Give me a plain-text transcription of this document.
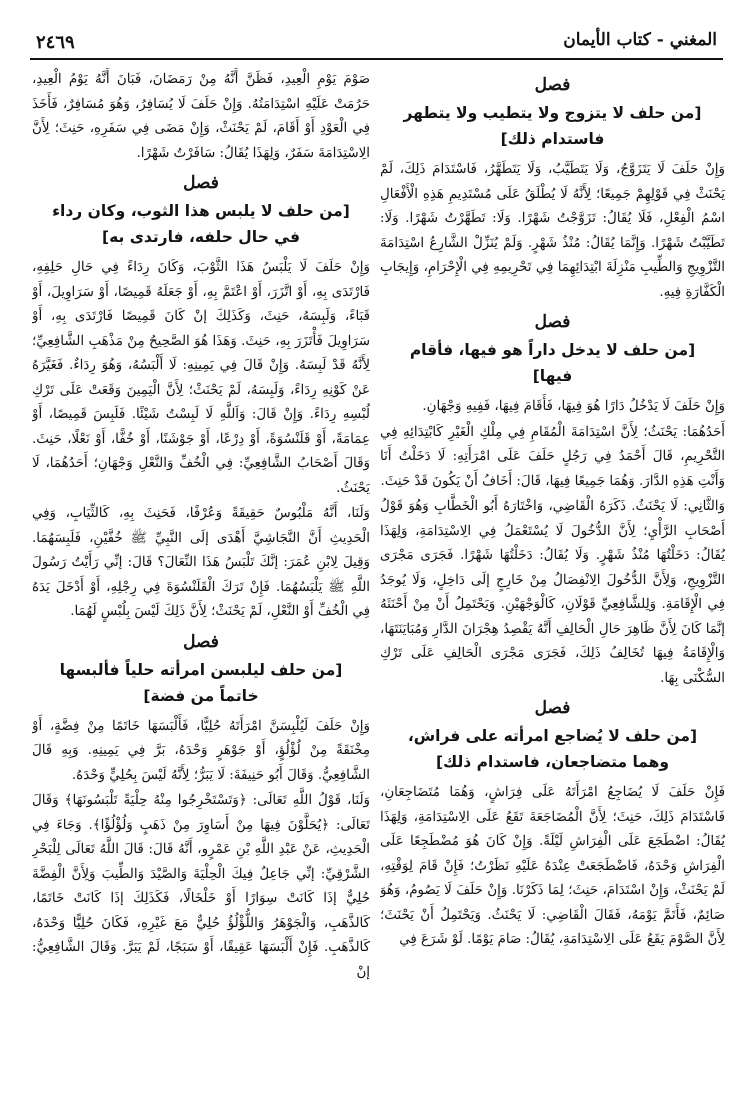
المغني - كتاب الأيمان
٢٤٦٩
فصل
[من حلف لا يتزوج ولا يتطيب ولا يتطهر فاستدام ذلك]

وَإِنْ حَلَفَ لَا يَتَزَوَّجُ، وَلَا يَتَطَيَّبُ، وَلَا يَتَطَهَّرُ، فَاسْتَدَامَ ذَلِكَ، لَمْ يَحْنَثْ فِي قَوْلِهِمْ جَمِيعًا؛ لِأَنَّهُ لَا يُطْلَقُ عَلَى مُسْتَدِيمِ هَذِهِ الْأَفْعَالِ اسْمُ الْفِعْلِ، فَلَا يُقَالُ: تَزَوَّجْتُ شَهْرًا. وَلَا: تَطَهَّرْتُ شَهْرًا. وَلَا: تَطَيَّبْتُ شَهْرًا. وَإِنَّمَا يُقَالُ: مُنْذُ شَهْرٍ. وَلَمْ يُنَزِّلْ الشَّارِعُ اسْتِدَامَةَ التَّزْوِيجِ وَالطِّيبِ مَنْزِلَةَ ابْتِدَائِهِمَا فِي تَحْرِيمِهِ فِي الْإِحْرَامِ، وَإِيجَابِ الْكَفَّارَةِ فِيهِ.

فصل
[من حلف لا يدخل داراً هو فيها، فأقام فيها]

وَإِنْ حَلَفَ لَا يَدْخُلُ دَارًا هُوَ فِيهَا، فَأَقَامَ فِيهَا، فَفِيهِ وَجْهَانِ.

أَحَدُهُمَا: يَحْنَثُ؛ لِأَنَّ اسْتِدَامَةَ الْمُقَامِ فِي مِلْكِ الْغَيْرِ كَابْتِدَائِهِ فِي التَّحْرِيمِ، قَالَ أَحْمَدُ فِي رَجُلٍ حَلَفَ عَلَى امْرَأَتِهِ: لَا دَخَلْتُ أَنَا وَأَنْتِ هَذِهِ الدَّارَ. وَهُمَا جَمِيعًا فِيهَا، قَالَ: أَخَافُ أَنْ يَكُونَ قَدْ حَنِثَ.

وَالثَّانِي: لَا يَحْنَثُ. ذَكَرَهُ الْقَاضِي، وَاخْتَارَهُ أَبُو الْخَطَّابِ وَهُوَ قَوْلُ أَصْحَابِ الرَّأْيِ؛ لِأَنَّ الدُّخُولَ لَا يُسْتَعْمَلُ فِي الِاسْتِدَامَةِ، وَلِهَذَا يُقَالُ: دَخَلْتُهَا مُنْذُ شَهْرٍ. وَلَا يُقَالُ: دَخَلْتُهَا شَهْرًا. فَجَرَى مَجْرَى التَّزْوِيجِ، وَلِأَنَّ الدُّخُولَ الِانْفِصَالُ مِنْ خَارِجٍ إلَى دَاخِلٍ، وَلَا يُوجَدُ فِي الْإِقَامَةِ. وَلِلشَّافِعِيِّ قَوْلَانِ، كَالْوَجْهَيْنِ. وَيَحْتَمِلُ أَنْ مِنْ أَحْنَثَهُ إنَّمَا كَانَ لِأَنَّ ظَاهِرَ حَالِ الْحَالِفِ أَنَّهُ يَقْصِدُ هِجْرَانَ الدَّارِ وَمُبَايَنَتَهَا، وَالْإِقَامَةُ فِيهَا تُخَالِفُ ذَلِكَ، فَجَرَى مَجْرَى الْحَالِفِ عَلَى تَرْكِ السُّكْنَى بِهَا.

فصل
[من حلف لا يُضاجع امرأته على فراش، وهما متضاجعان، فاستدام ذلك]

فَإِنْ حَلَفَ لَا يُضَاجِعُ امْرَأَتَهُ عَلَى فِرَاشٍ، وَهُمَا مُتَضَاجِعَانِ، فَاسْتَدَامَ ذَلِكَ، حَنِثَ؛ لِأَنَّ الْمُضَاجَعَةَ تَقَعُ عَلَى الِاسْتِدَامَةِ، وَلِهَذَا يُقَالُ: اضْطَجَعَ عَلَى الْفِرَاشِ لَيْلَةً. وَإِنْ كَانَ هُوَ مُضْطَجِعًا عَلَى الْفِرَاشِ وَحْدَهُ، فَاضْطَجَعَتْ عِنْدَهُ عَلَيْهِ نَظَرْتُ؛ فَإِنْ قَامَ لِوَقْتِهِ، لَمْ يَحْنَثْ، وَإِنْ اسْتَدَامَ، حَنِثَ؛ لِمَا ذَكَرْنَا. وَإِنْ حَلَفَ لَا يَصُومُ، وَهُوَ صَائِمٌ، فَأَتَمَّ يَوْمَهُ، فَقَالَ الْقَاضِي: لَا يَحْنَثُ. وَيَحْتَمِلُ أَنْ يَحْنَثَ؛ لِأَنَّ الصَّوْمَ يَقَعُ عَلَى الِاسْتِدَامَةِ، يُقَالُ: صَامَ يَوْمًا. لَوْ شَرَعَ فِي

صَوْمَ يَوْمِ الْعِيدِ، فَظَنَّ أَنَّهُ مِنْ رَمَضَانَ، فَبَانَ أَنَّهُ يَوْمُ الْعِيدِ، حَرُمَتْ عَلَيْهِ اسْتِدَامَتُهُ. وَإِنْ حَلَفَ لَا يُسَافِرُ، وَهُوَ مُسَافِرٌ، فَأَخَذَ فِي الْعَوْدِ أَوْ أَقَامَ، لَمْ يَحْنَثْ، وَإِنْ مَضَى فِي سَفَرِهِ، حَنِثَ؛ لِأَنَّ الِاسْتِدَامَةَ سَفَرٌ، وَلِهَذَا يُقَالُ: سَافَرْتُ شَهْرًا.

فصل
[من حلف لا يلبس هذا الثوب، وكان رداء في حال حلفه، فارتدى به]

وَإِنْ حَلَفَ لَا يَلْبَسُ هَذَا الثَّوْبَ، وَكَانَ رِدَاءً فِي حَالِ حَلِفِهِ، فَارْتَدَى بِهِ، أَوْ اتَّزَرَ، أَوْ اعْتَمَّ بِهِ، أَوْ جَعَلَهُ قَمِيصًا، أَوْ سَرَاوِيلَ، أَوْ قَبَاءً، وَلَبِسَهُ، حَنِثَ، وَكَذَلِكَ إنْ كَانَ قَمِيصًا فَارْتَدَى بِهِ، أَوْ سَرَاوِيلَ فَأْتَزَرَ بِهِ، حَنِثَ. وَهَذَا هُوَ الصَّحِيحُ مِنْ مَذْهَبِ الشَّافِعِيِّ؛ لِأَنَّهُ قَدْ لَبِسَهُ. وَإِنْ قَالَ فِي يَمِينِهِ: لَا أَلْبَسُهُ، وَهُوَ رِدَاءٌ. فَغَيَّرَهُ عَنْ كَوْنِهِ رِدَاءً، وَلَبِسَهُ، لَمْ يَحْنَثْ؛ لِأَنَّ الْيَمِينَ وَقَعَتْ عَلَى تَرْكِ لُبْسِهِ رِدَاءً. وَإِنْ قَالَ: وَاَللَّهِ لَا لَبِسْتُ شَيْئًا. فَلَبِسَ قَمِيصًا، أَوْ عِمَامَةً، أَوْ قَلَنْسُوَةً، أَوْ دِرْعًا، أَوْ جَوْشَنًا، أَوْ خُفًّا، أَوْ نَعْلًا، حَنِثَ. وَقَالَ أَصْحَابُ الشَّافِعِيِّ: فِي الْخُفِّ وَالنَّعْلِ وَجْهَانِ؛ أَحَدُهُمَا، لَا يَحْنَثُ.

وَلَنَا، أَنَّهُ مَلْبُوسٌ حَقِيقَةً وَعُرْفًا، فَحَنِثَ بِهِ، كَالثِّيَابِ، وَفِي الْحَدِيثِ أَنَّ النَّجَاشِيَّ أَهْدَى إلَى النَّبِيِّ ﷺ خُفَّيْنِ، فَلَبِسَهُمَا. وَقِيلَ لِابْنِ عُمَرَ: إنَّكَ تَلْبَسُ هَذَا النِّعَالَ؟ قَالَ: إنِّي رَأَيْتُ رَسُولَ اللَّهِ ﷺ يَلْبَسُهُمَا. فَإِنْ تَرَكَ الْقَلَنْسُوَةَ فِي رِجْلِهِ، أَوْ أَدْخَلَ يَدَهُ فِي الْخُفِّ أَوْ النَّعْلِ، لَمْ يَحْنَثْ؛ لِأَنَّ ذَلِكَ لَيْسَ بِلُبْسٍ لَهُمَا.

فصل
[من حلف ليلبسن امرأته حلياً فألبسها خاتماً من فضة]

وَإِنْ حَلَفَ لَيُلْبِسَنَّ امْرَأَتَهُ حُلِيًّا، فَأَلْبَسَهَا خَاتَمًا مِنْ فِضَّةٍ، أَوْ مِخْنَقَةً مِنْ لُؤْلُؤٍ، أَوْ جَوْهَرٍ وَحْدَهُ، بَرَّ فِي يَمِينِهِ. وَبِهِ قَالَ الشَّافِعِيُّ. وَقَالَ أَبُو حَنِيفَةَ: لَا يَبَرُّ؛ لِأَنَّهُ لَيْسَ بِحُلِيٍّ وَحْدَهُ.

وَلَنَا، قَوْلُ اللَّهِ تَعَالَى: ﴿وَتَسْتَخْرِجُوا مِنْهُ حِلْيَةً تَلْبَسُونَهَا﴾ وَقَالَ تَعَالَى: ﴿يُحَلَّوْنَ فِيهَا مِنْ أَسَاوِرَ مِنْ ذَهَبٍ وَلُؤْلُؤًا﴾. وَجَاءَ فِي الْحَدِيثِ، عَنْ عَبْدِ اللَّهِ بْنِ عَمْرٍو، أَنَّهُ قَالَ: قَالَ اللَّهُ تَعَالَى لِلْبَحْرِ الشَّرْقِيِّ: إنِّي جَاعِلٌ فِيكَ الْحِلْيَةَ وَالصَّيْدَ وَالطِّيبَ وَلِأَنَّ الْفِضَّةَ حُلِيٌّ إذَا كَانَتْ سِوَارًا أَوْ خَلْخَالًا، فَكَذَلِكَ إذَا كَانَتْ خَاتَمًا، كَالذَّهَبِ، وَالْجَوْهَرُ وَاللُّؤْلُؤُ حُلِيٌّ مَعَ غَيْرِهِ، فَكَانَ حُلِيًّا وَحْدَهُ، كَالذَّهَبِ. فَإِنْ أَلْبَسَهَا عَقِيقًا، أَوْ سَبَجًا، لَمْ يَبَرَّ. وَقَالَ الشَّافِعِيُّ: إنْ
